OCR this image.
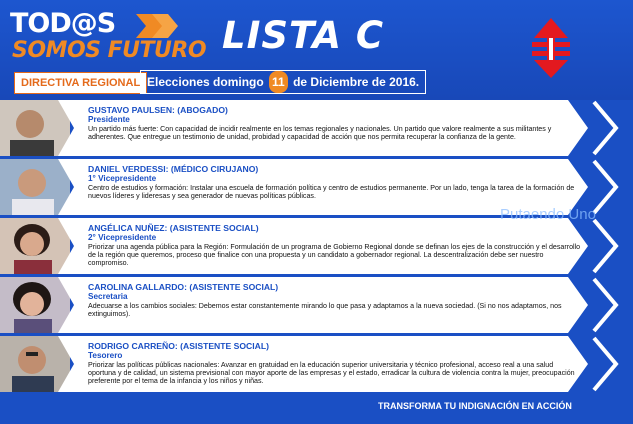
TOD@S
SOMOS FUTURO LISTA C
DIRECTIVA REGIONAL Elecciones domingo 11 de Diciembre de 2016.
GUSTAVO PAULSEN: (ABOGADO)
Presidente
Un partido más fuerte: Con capacidad de incidir realmente en los temas regionales y nacionales. Un partido que valore realmente a sus militantes y adherentes. Que entregue un testimonio de unidad, probidad y capacidad de acción que nos permita recuperar la confianza de la gente.
DANIEL VERDESSI: (MÉDICO CIRUJANO)
1° Vicepresidente
Centro de estudios y formación: Instalar una escuela de formación política y centro de estudios permanente. Por un lado, tenga la tarea de la formación de nuevos líderes y lideresas y sea generador de nuevas políticas públicas.
ANGÉLICA NUÑEZ: (ASISTENTE SOCIAL)
2° Vicepresidente
Priorizar una agenda pública para la Región: Formulación de un programa de Gobierno Regional donde se definan los ejes de la construcción y el desarrollo de la región que queremos, proceso que finalice con una propuesta y un candidato a gobernador regional. La descentralización debe ser nuestro compromiso.
CAROLINA GALLARDO: (ASISTENTE SOCIAL)
Secretaria
Adecuarse a los cambios sociales: Debemos estar constantemente mirando lo que pasa y adaptamos a la nueva sociedad. (Si no nos adaptamos, nos extinguimos).
RODRIGO CARREÑO: (ASISTENTE SOCIAL)
Tesorero
Priorizar las políticas públicas nacionales: Avanzar en gratuidad en la educación superior universitaria y técnico profesional, acceso real a una salud oportuna y de calidad, un sistema previsional con mayor aporte de las empresas y el estado, erradicar la cultura de violencia contra la mujer, preocupación preferente por el tema de la infancia y los niños y niñas.
Putaendo Uno
TRANSFORMA TU INDIGNACIÓN EN ACCIÓN
